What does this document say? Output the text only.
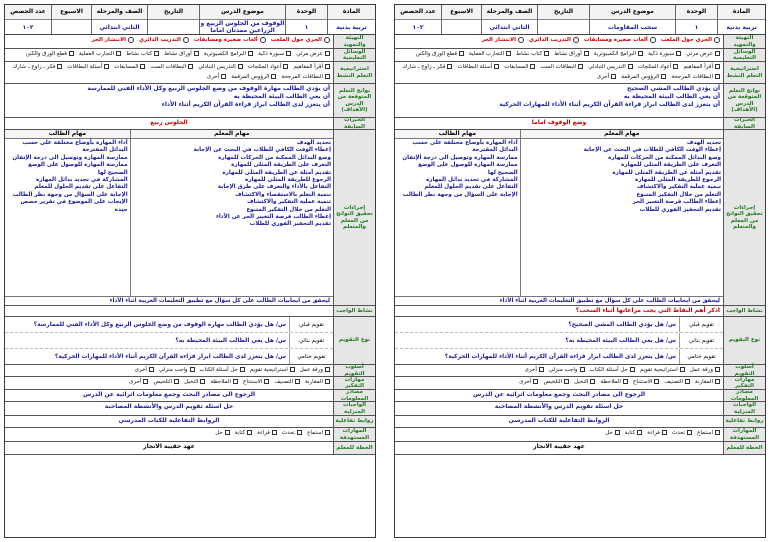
المادة
تربية بدنية
الوحدة
١
موضوع الدرس
الوقوف من الجلوس الربيع و الزراعين ممدتان اماما
التاريخ
الصف والمرحلة
الثاني ابتدائي
الاسبوع
عدد الحصص
١٠٢
التهيئة والتمهيد
الجري حول الملعب
ألعاب صغيرة ومسابقات
التدريب الدائري
الانتشار الحر
الوسائل التعليمية
عرض مرئي
سبورة ذكية
البرامج الكمبيوترية
أوراق نشاط
كتاب نشاط
التجارب العملية
قطع الورق والكنن
استراتيجية التعلم النشط
أقرأ المفاهيم
أعواد المثلجات
التدريس التبادلي
البطاقات الست
المسابقات
أسئلة البطاقات
فكر ـ زاوج ـ شارك
البطاقات المرجحة
الرؤوس المرقمة
أخرى
نواتج التعلم المتوقعة من الدرس (الأهداف)
أن يؤدي الطالب مهارة الوقوف من وضع الجلوس الربيع وكل الأداء الفني للممارسة
أن يعي الطالب البيئة المحيطة به
أن يتعزز لدى الطالب ابراز قراءة القرآن الكريم أثناء الأداء
الخبرات السابقة
الجلوس ربيع
إجراءات تحقيق النواتج من المعلم والمتعلم
مهام المعلم
تحديد الهدف
إعطاء الوقت الكافي للطلاب في البحث عن الإجابة
وضع البدائل الممكنة من الحركات للمهارة
التعرف على الطريقة المثلى للمهارة
تقديم أمثلة عن الطريقة المثلى للمهارة
الرجوع للطريقة المثلى للمهارة
التفاعل بالأداء والتعرف على طرق الإجابة
تنمية التعلم بالاستقصاء والاكتشاف
تنمية عملية التفكير والاكتشاف
التعلم من خلال التفكير المتنوع
إعطاء الطالب فرصة التعبير الحر عن الأداء
تقديم التحفيز الفوري للطلاب
مهام الطالب
أداء المهارة بأوضاع مختلفة على حسب البدائل المقترحة
ممارسة المهارة وتوصيل الى درجة الإتقان
ممارسة المهارة للوصول على الوضع الصحيح لها
المشاركة في تحديد بدائل المهارة
التفاعل على تقديم الحلول للمعلم
الإجابة على السؤال من وجهة نظر الطالب
الإيجاب على الموضوع في تقرير حصص جيدة
ليحقق من ايجابيات الطالب على كل سؤال مع تطبيق التعليمات العربية اثناء الأداء
نشاط الواجب
نوع التقويم
تقويم قبلي
س/ هل يؤدي الطالب مهارة الوقوف من وضع الجلوس الربيع وكل الأداء الفني للممارسة؟
تقويم بنائي
س/ هل يعي الطالب البيئة المحيطة به؟
تقويم ختامي
س/ هل يتعزز لدى الطالب ابراز قراءة القرآن الكريم أثناء الأداء للمهارات الحركية؟
أسلوب التقويم
ورقة عمل
استراتيجية تقويم
حل أسئلة الكتاب
واجب منزلي
أخرى
مهارات التفكير
المقارنة
التصنيف
الاستنتاج
الملاحظة
التخيل
التلخيص
أخرى
مصادر المعلومات
الرجوع الى مصادر البحث وجمع معلومات اثرائية عن الدرس
الواجبات المنزلية
حل اسئلة تقويم الدرس والأنشطة المصاحبة
روابط تفاعلية
الروابط التفاعلية للكتاب المدرسي
المهارات المستهدفة
استماع
تحدث
قراءة
كتابة
حل
الخطة للمعلم
عهد حقيبة الانجاز
المادة
تربية بدنية
الوحدة
١
موضوع الدرس
سحب المقاومات
التاريخ
الصف والمرحلة
الثاني ابتدائي
الاسبوع
عدد الحصص
١٠٢
التهيئة والتمهيد
الجري حول الملعب
ألعاب صغيرة ومسابقات
التدريب الدائري
الانتشار الحر
الوسائل التعليمية
عرض مرئي
سبورة ذكية
البرامج الكمبيوترية
أوراق نشاط
كتاب نشاط
التجارب العملية
قطع الورق والكنن
استراتيجية التعلم النشط
أقرأ المفاهيم
أعواد المثلجات
التدريس التبادلي
البطاقات الست
المسابقات
أسئلة البطاقات
فكر ـ زاوج ـ شارك
البطاقات المرجحة
الرؤوس المرقمة
أخرى
نواتج التعلم المتوقعة من الدرس (الأهداف)
أن يؤدي الطالب المشي الصحيح
أن يعي الطالب البيئة المحيطة به
أن يتعزز لدى الطالب ابراز قراءة القرآن الكريم أثناء الأداء للمهارات الحركية
الخبرات السابقة
وضع الوقوف اماما
إجراءات تحقيق النواتج من المعلم والمتعلم
مهام المعلم
تحديد الهدف
إعطاء الوقت الكافي للطلاب في البحث عن الإجابة
وضع البدائل الممكنة من الحركات للمهارة
التعرف على الطريقة المثلى للمهارة
تقديم أمثلة عن الطريقة المثلى للمهارة
الرجوع للطريقة المثلى للمهارة
تنمية عملية التفكير والاكتشاف
التعلم من خلال التفكير المتنوع
إعطاء الطالب فرصة التعبير الحر
تقديم التحفيز الفوري للطلاب
مهام الطالب
أداء المهارة بأوضاع مختلفة على حسب البدائل المقترحة
ممارسة المهارة وتوصيل الى درجة الإتقان
ممارسة المهارة للوصول على الوضع الصحيح لها
المشاركة في تحديد بدائل المهارة
التفاعل على تقديم الحلول للمعلم
الإجابة على السؤال من وجهة نظر الطالب
ليحقق من ايجابيات الطالب على كل سؤال مع تطبيق التعليمات العربية اثناء الأداء
نشاط الواجب
اذكر أهم النقاط التي يجب مراعاتها أثناء السحب؟
نوع التقويم
تقويم قبلي
س/ هل يؤدي الطالب المشي الصحيح؟
تقويم بنائي
س/ هل يعي الطالب البيئة المحيطة به؟
تقويم ختامي
س/ هل يتعزز لدى الطالب ابراز قراءة القرآن الكريم أثناء الأداء للمهارات الحركية؟
أسلوب التقويم
ورقة عمل
استراتيجية تقويم
حل أسئلة الكتاب
واجب منزلي
أخرى
مهارات التفكير
المقارنة
التصنيف
الاستنتاج
الملاحظة
التخيل
التلخيص
أخرى
مصادر المعلومات
الرجوع الى مصادر البحث وجمع معلومات اثرائية عن الدرس
الواجبات المنزلية
حل اسئلة تقويم الدرس والأنشطة المصاحبة
روابط تفاعلية
الروابط التفاعلية للكتاب المدرسي
المهارات المستهدفة
استماع
تحدث
قراءة
كتابة
حل
الخطة للمعلم
عهد حقيبة الانجاز
